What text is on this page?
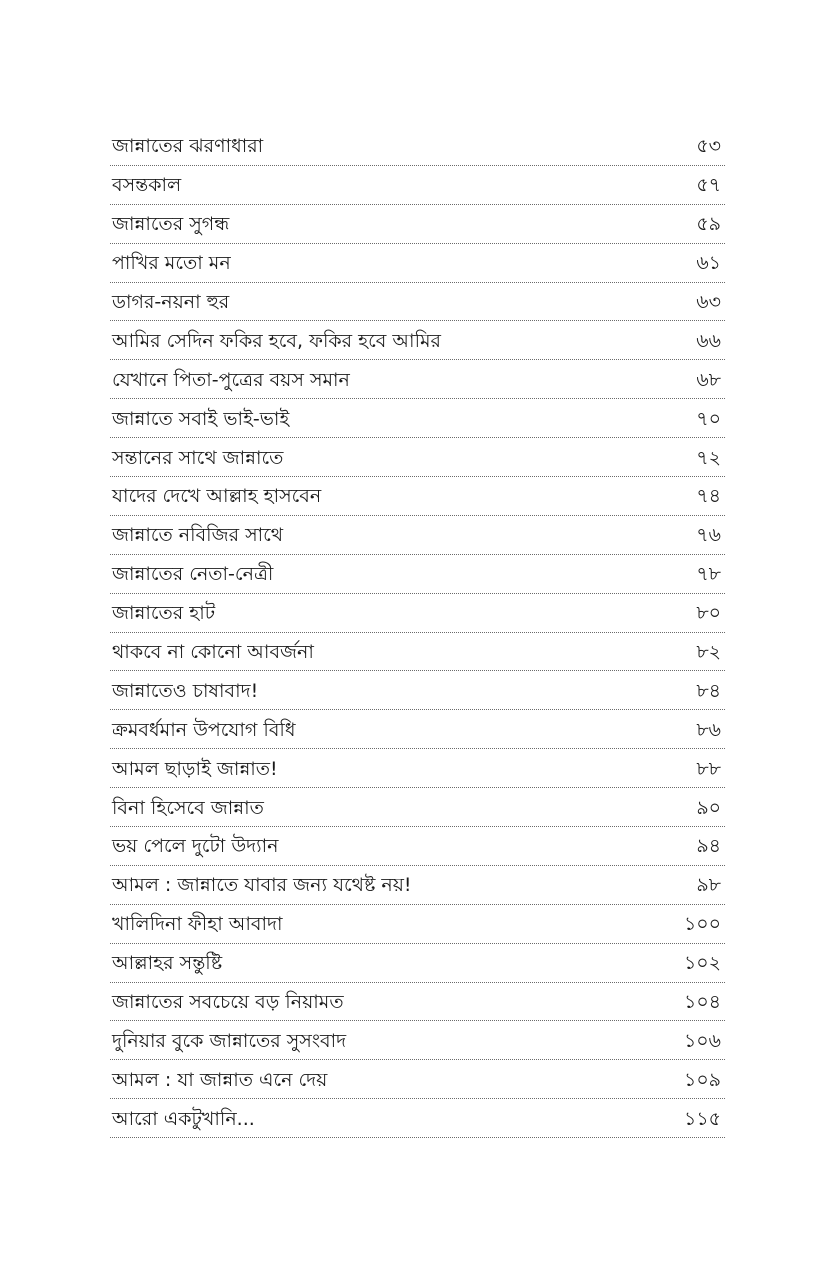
জান্নাতের ঝরণাধারা	৫৩
বসন্তকাল	৫৭
জান্নাতের সুগন্ধ	৫৯
পাখির মতো মন	৬১
ডাগর-নয়না হুর	৬৩
আমির সেদিন ফকির হবে, ফকির হবে আমির	৬৬
যেখানে পিতা-পুত্রের বয়স সমান	৬৮
জান্নাতে সবাই ভাই-ভাই	৭০
সন্তানের সাথে জান্নাতে	৭২
যাদের দেখে আল্লাহ হাসবেন	৭৪
জান্নাতে নবিজির সাথে	৭৬
জান্নাতের নেতা-নেত্রী	৭৮
জান্নাতের হাট	৮০
থাকবে না কোনো আবর্জনা	৮২
জান্নাতেও চাষাবাদ!	৮৪
ক্রমবর্ধমান উপযোগ বিধি	৮৬
আমল ছাড়াই জান্নাত!	৮৮
বিনা হিসেবে জান্নাত	৯০
ভয় পেলে দুটো উদ্যান	৯৪
আমল : জান্নাতে যাবার জন্য যথেষ্ট নয়!	৯৮
খালিদিনা ফীহা আবাদা	১০০
আল্লাহর সন্তুষ্টি	১০২
জান্নাতের সবচেয়ে বড় নিয়ামত	১০৪
দুনিয়ার বুকে জান্নাতের সুসংবাদ	১০৬
আমল : যা জান্নাত এনে দেয়	১০৯
আরো একটুখানি...	১১৫
